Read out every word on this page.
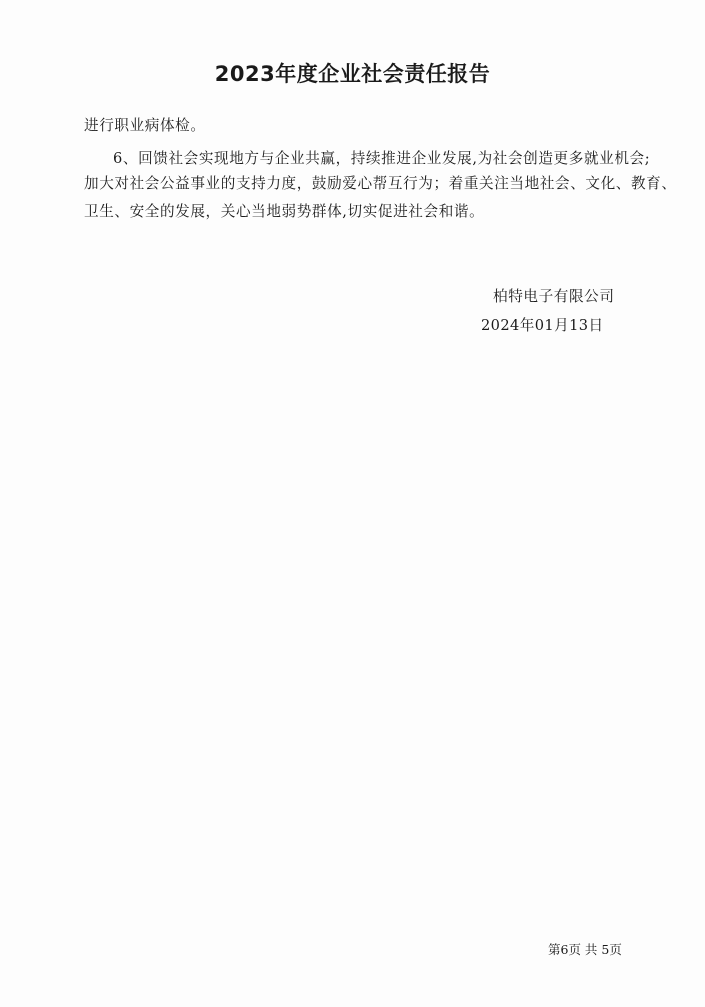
2023年度企业社会责任报告
进行职业病体检。
6、回馈社会实现地方与企业共赢，持续推进企业发展,为社会创造更多就业机会;
加大对社会公益事业的支持力度，鼓励爱心帮互行为；着重关注当地社会、文化、教育、
卫生、安全的发展，关心当地弱势群体,切实促进社会和谐。
柏特电子有限公司
2024年01月13日
第6页 共 5页
